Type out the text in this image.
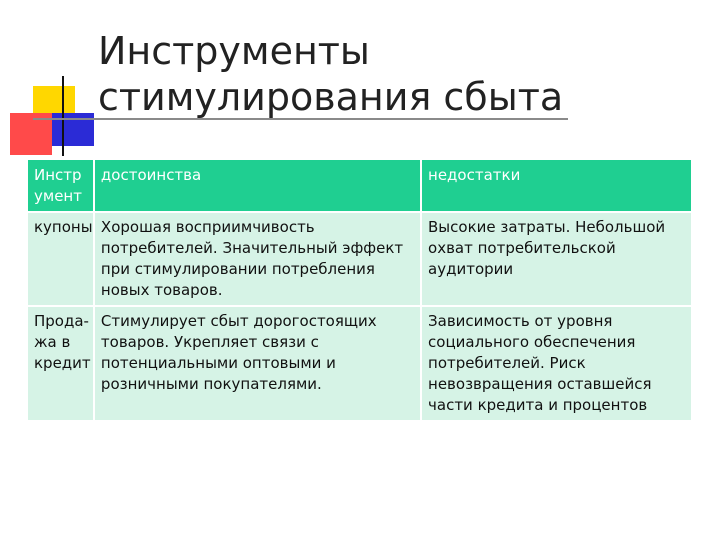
Инструменты
стимулирования сбыта
Инстр умент	достоинства	недостатки
купоны	Хорошая восприимчивость потребителей. Значительный эффект при стимулировании потребления новых товаров.	Высокие затраты. Небольшой охват потребительской аудитории
Прода-жа в кредит	Стимулирует сбыт дорогостоящих товаров. Укрепляет связи с потенциальными оптовыми и розничными покупателями.	Зависимость от уровня социального обеспечения потребителей. Риск невозвращения оставшейся части кредита и процентов
